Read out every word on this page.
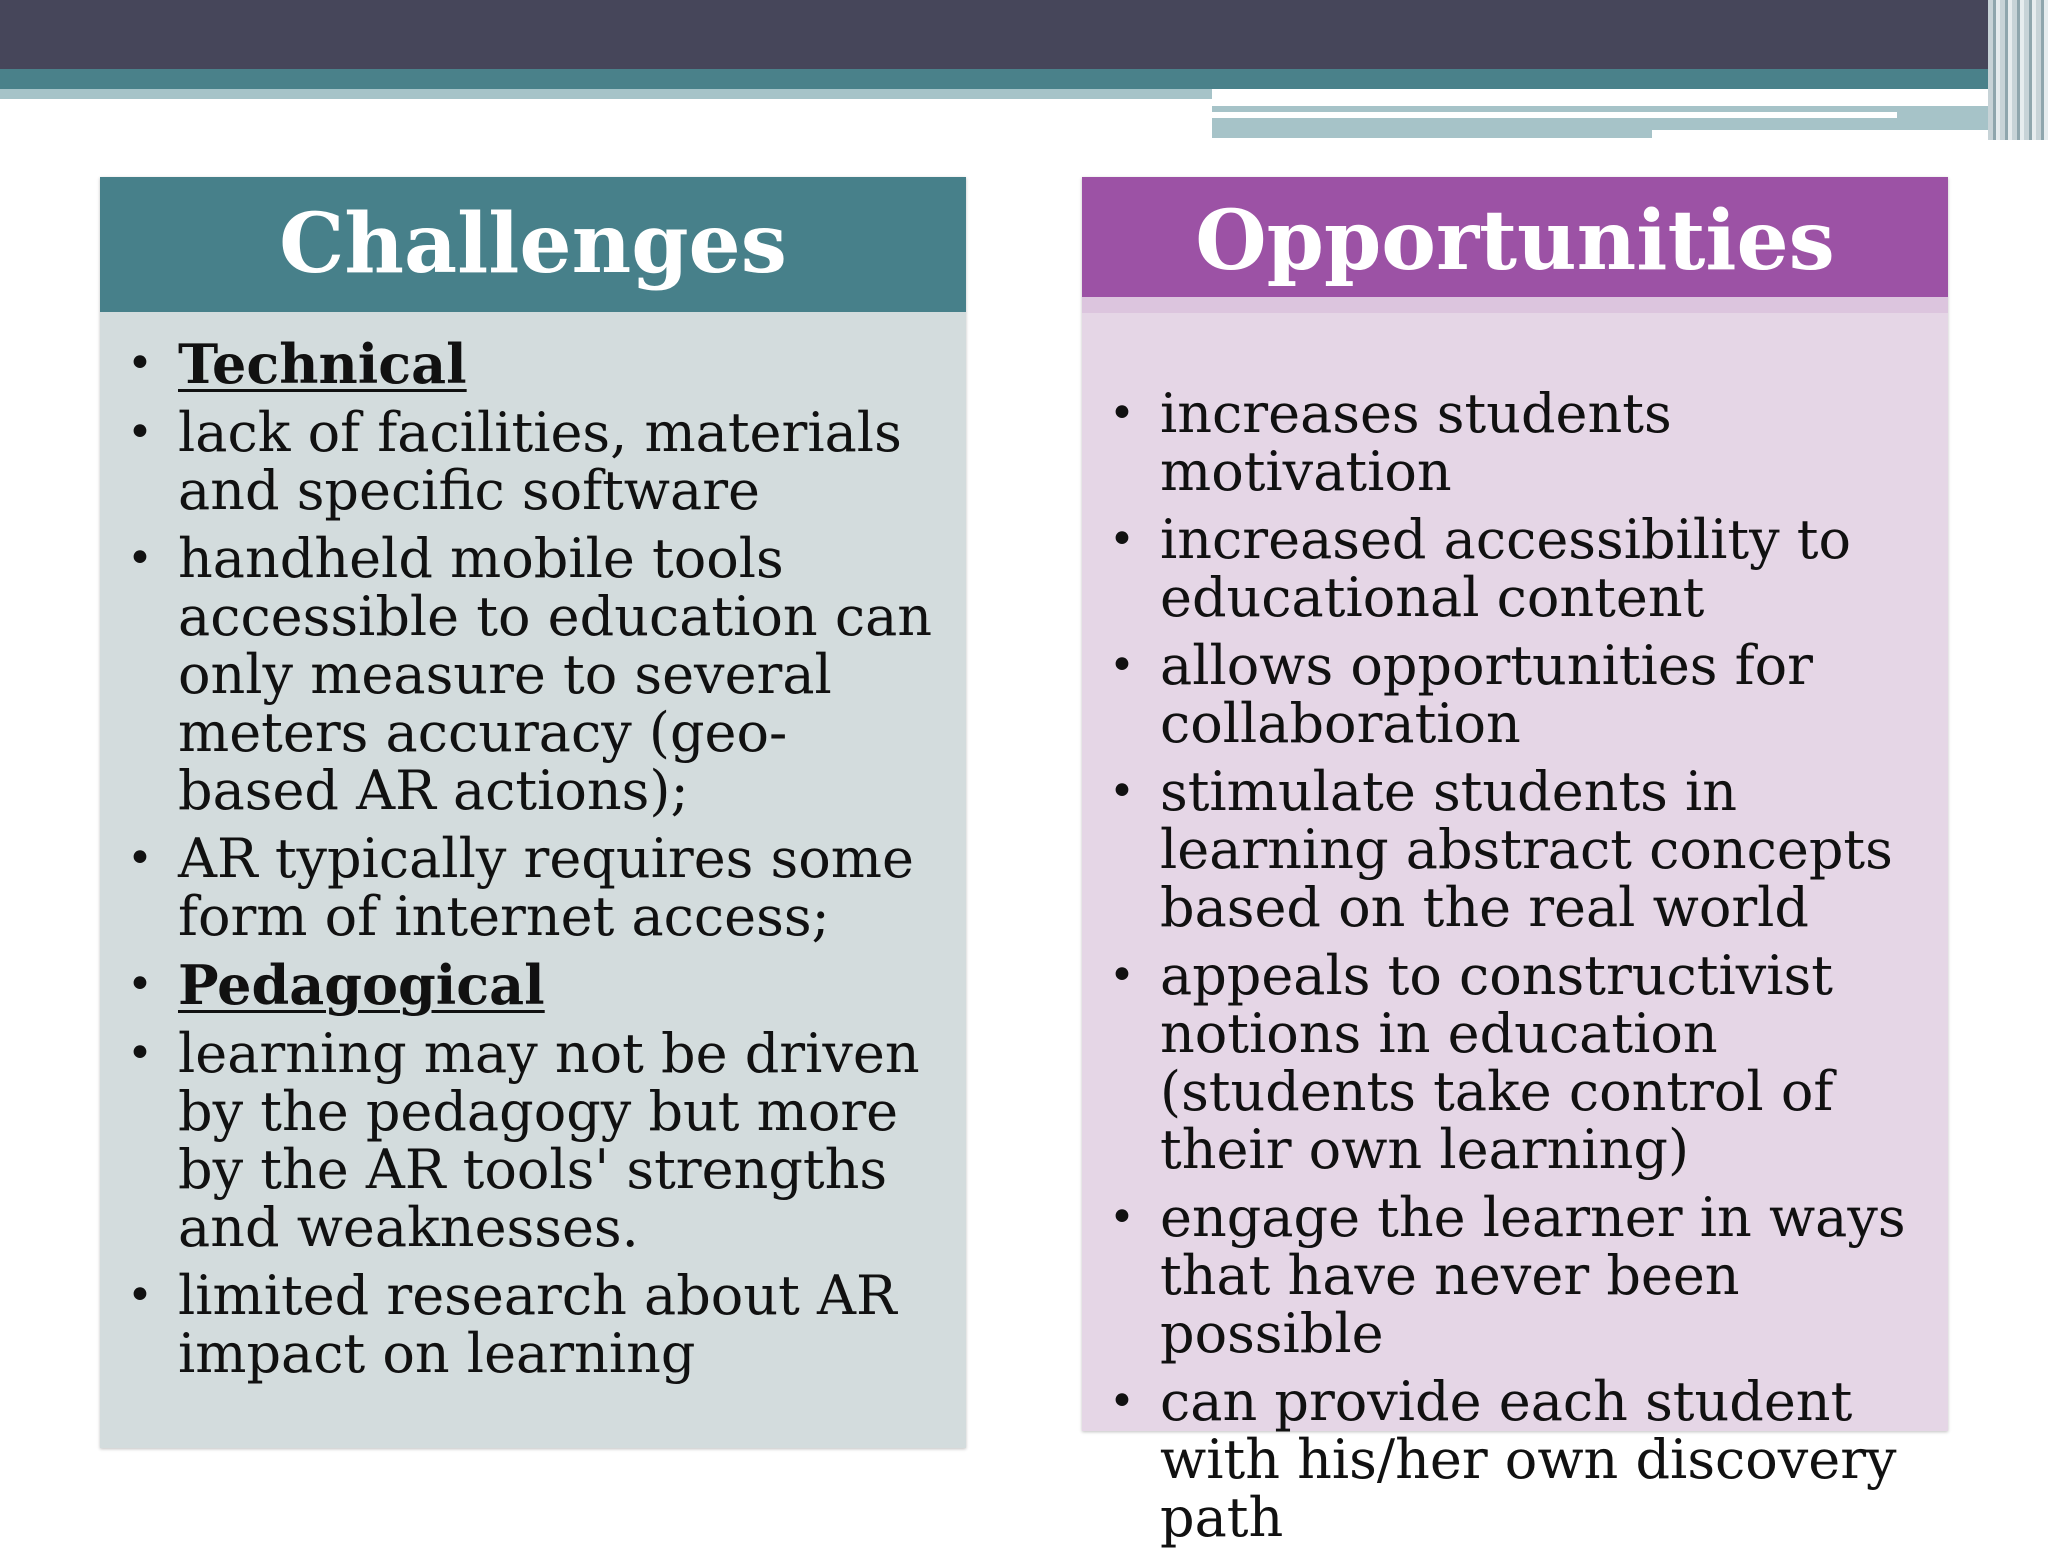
Challenges
• Technical
• lack of facilities, materials and specific software
• handheld mobile tools accessible to education can only measure to several meters accuracy (geo-based AR actions);
• AR typically requires some form of internet access;
• Pedagogical
• learning may not be driven by the pedagogy but more by the AR tools' strengths and weaknesses.
• limited research about AR impact on learning
Opportunities
• increases students motivation
• increased accessibility to educational content
• allows opportunities for collaboration
• stimulate students in learning abstract concepts based on the real world
• appeals to constructivist notions in education (students take control of their own learning)
• engage the learner in ways that have never been possible
• can provide each student with his/her own discovery path
